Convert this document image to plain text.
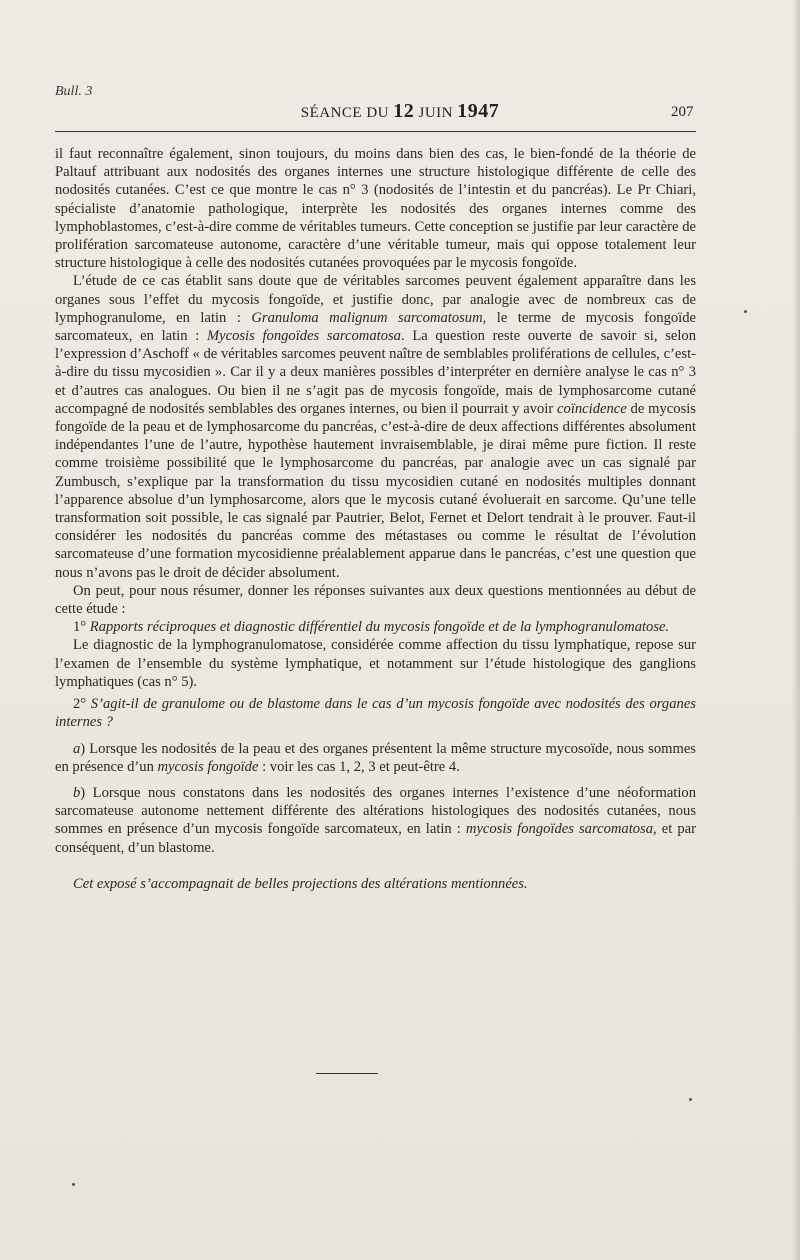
Bull. 3
SÉANCE DU 12 JUIN 1947	207

il faut reconnaître également, sinon toujours, du moins dans bien des cas, le bien-fondé de la théorie de Paltauf attribuant aux nodosités des organes internes une structure histologique différente de celle des nodosités cutanées. C’est ce que montre le cas n° 3 (nodosités de l’intestin et du pancréas). Le Pr Chiari, spécialiste d’anatomie pathologique, interprète les nodosités des organes internes comme des lymphoblastomes, c’est-à-dire comme de véritables tumeurs. Cette conception se justifie par leur caractère de prolifération sarcomateuse autonome, caractère d’une véritable tumeur, mais qui oppose totalement leur structure histologique à celle des nodosités cutanées provoquées par le mycosis fongoïde.

L’étude de ce cas établit sans doute que de véritables sarcomes peuvent également apparaître dans les organes sous l’effet du mycosis fongoïde, et justifie donc, par analogie avec de nombreux cas de lymphogranulome, en latin : Granuloma malignum sarcomatosum, le terme de mycosis fongoïde sarcomateux, en latin : Mycosis fongoïdes sarcomatosa. La question reste ouverte de savoir si, selon l’expression d’Aschoff « de véritables sarcomes peuvent naître de semblables proliférations de cellules, c’est-à-dire du tissu mycosidien ». Car il y a deux manières possibles d’interpréter en dernière analyse le cas n° 3 et d’autres cas analogues. Ou bien il ne s’agit pas de mycosis fongoïde, mais de lymphosarcome cutané accompagné de nodosités semblables des organes internes, ou bien il pourrait y avoir coïncidence de mycosis fongoïde de la peau et de lymphosarcome du pancréas, c’est-à-dire de deux affections différentes absolument indépendantes l’une de l’autre, hypothèse hautement invraisemblable, je dirai même pure fiction. Il reste comme troisième possibilité que le lymphosarcome du pancréas, par analogie avec un cas signalé par Zumbusch, s’explique par la transformation du tissu mycosidien cutané en nodosités multiples donnant l’apparence absolue d’un lymphosarcome, alors que le mycosis cutané évoluerait en sarcome. Qu’une telle transformation soit possible, le cas signalé par Pautrier, Belot, Fernet et Delort tendrait à le prouver. Faut-il considérer les nodosités du pancréas comme des métastases ou comme le résultat de l’évolution sarcomateuse d’une formation mycosidienne préalablement apparue dans le pancréas, c’est une question que nous n’avons pas le droit de décider absolument.

On peut, pour nous résumer, donner les réponses suivantes aux deux questions mentionnées au début de cette étude :

1° Rapports réciproques et diagnostic différentiel du mycosis fongoïde et de la lymphogranulomatose.

Le diagnostic de la lymphogranulomatose, considérée comme affection du tissu lymphatique, repose sur l’examen de l’ensemble du système lymphatique, et notamment sur l’étude histologique des ganglions lymphatiques (cas n° 5).

2° S’agit-il de granulome ou de blastome dans le cas d’un mycosis fongoïde avec nodosités des organes internes ?

a) Lorsque les nodosités de la peau et des organes présentent la même structure mycosoïde, nous sommes en présence d’un mycosis fongoïde : voir les cas 1, 2, 3 et peut-être 4.

b) Lorsque nous constatons dans les nodosités des organes internes l’existence d’une néoformation sarcomateuse autonome nettement différente des altérations histologiques des nodosités cutanées, nous sommes en présence d’un mycosis fongoïde sarcomateux, en latin : mycosis fongoïdes sarcomatosa, et par conséquent, d’un blastome.

Cet exposé s’accompagnait de belles projections des altérations mentionnées.
